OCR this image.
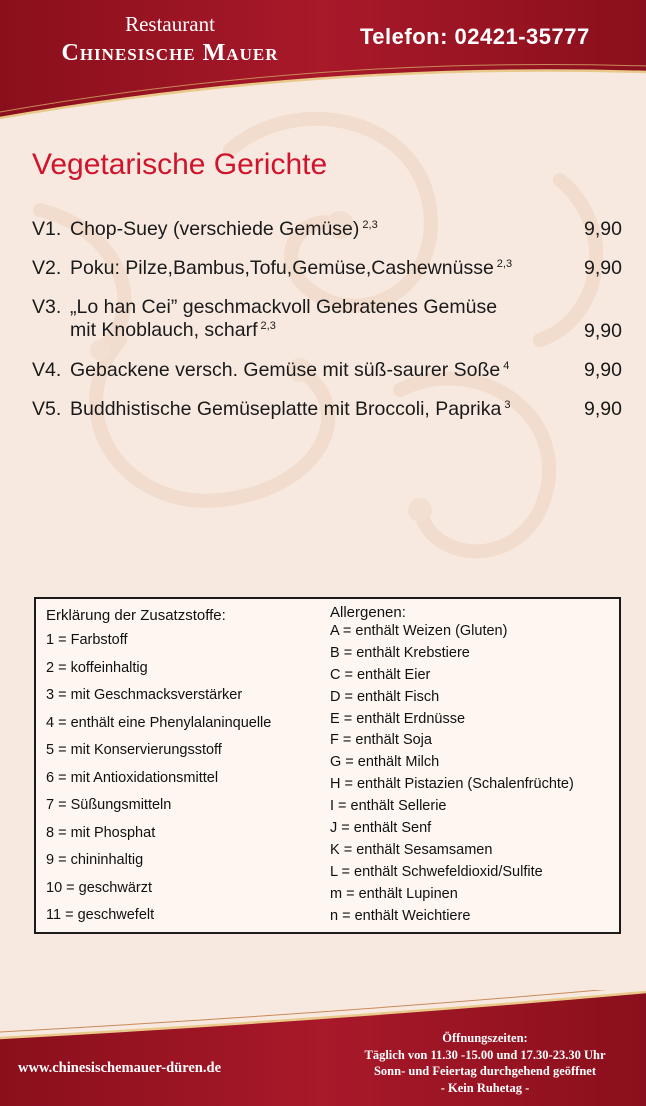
Restaurant
Chinesische Mauer
Telefon: 02421-35777
Vegetarische Gerichte
V1. Chop-Suey (verschiede Gemüse) $^{2,3}$	9,90
V2. Poku: Pilze,Bambus,Tofu,Gemüse,Cashewnüsse $^{2,3}$	9,90
V3. „Lo han Cei” geschmackvoll Gebratenes Gemüse
mit Knoblauch, scharf $^{2,3}$	9,90
V4. Gebackene versch. Gemüse mit süß-saurer Soße $^4$	9,90
V5. Buddhistische Gemüseplatte mit Broccoli, Paprika $^3$	9,90
Erklärung der Zusatzstoffe:
1 = Farbstoff
2 = koffeinhaltig
3 = mit Geschmacksverstärker
4 = enthält eine Phenylalaninquelle
5 = mit Konservierungsstoff
6 = mit Antioxidationsmittel
7 = Süßungsmitteln
8 = mit Phosphat
9 = chininhaltig
10 = geschwärzt
11 = geschwefelt
Allergenen:
A = enthält Weizen (Gluten)
B = enthält Krebstiere
C = enthält Eier
D = enthält Fisch
E = enthält Erdnüsse
F = enthält Soja
G = enthält Milch
H = enthält Pistazien (Schalenfrüchte)
I = enthält Sellerie
J = enthält Senf
K = enthält Sesamsamen
L = enthält Schwefeldioxid/Sulfite
m = enthält Lupinen
n = enthält Weichtiere
www.chinesischemauer-düren.de
Öffnungszeiten:
Täglich von 11.30 -15.00 und 17.30-23.30 Uhr
Sonn- und Feiertag durchgehend geöffnet
- Kein Ruhetag -
